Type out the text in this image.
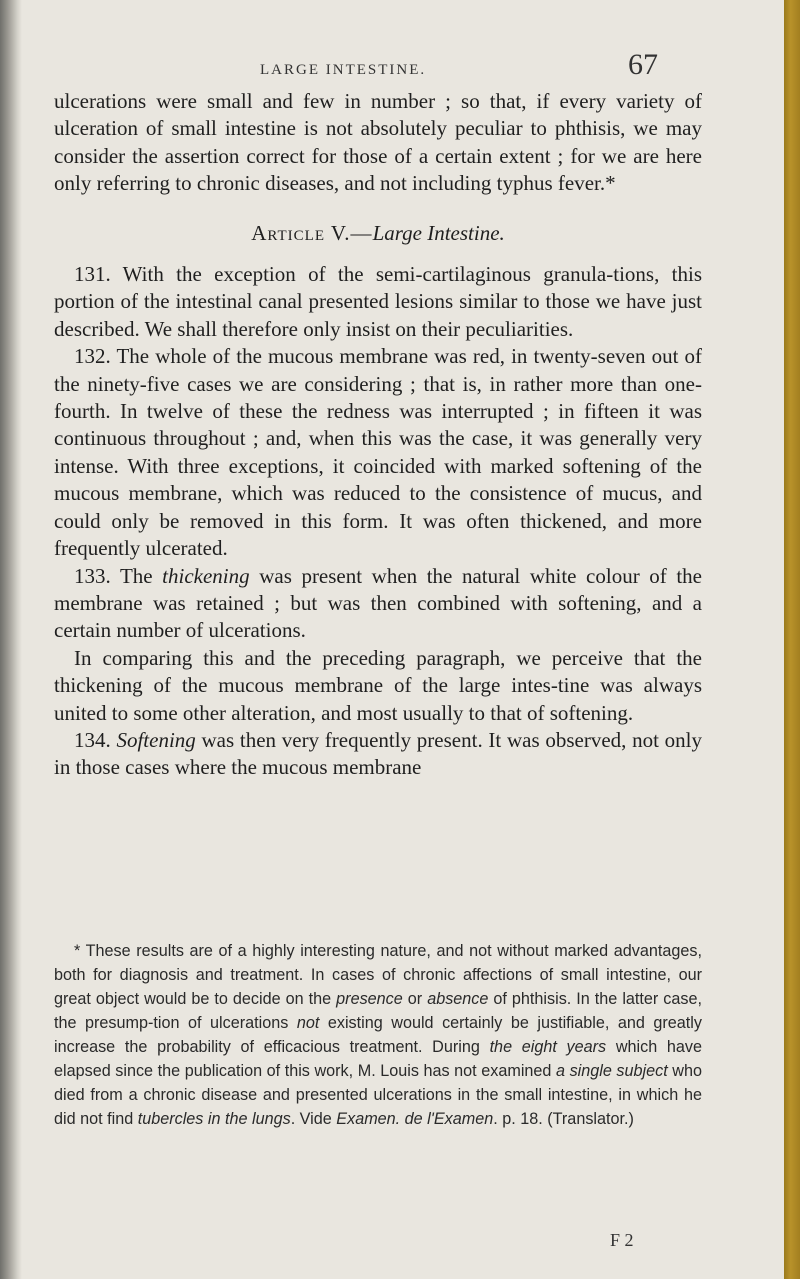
LARGE INTESTINE.	67

ulcerations were small and few in number ; so that, if every variety of ulceration of small intestine is not absolutely peculiar to phthisis, we may consider the assertion correct for those of a certain extent ; for we are here only referring to chronic diseases, and not including typhus fever.*

Article V.—Large Intestine.

131. With the exception of the semi-cartilaginous granula-tions, this portion of the intestinal canal presented lesions similar to those we have just described. We shall therefore only insist on their peculiarities.

132. The whole of the mucous membrane was red, in twenty-seven out of the ninety-five cases we are considering ; that is, in rather more than one-fourth. In twelve of these the redness was interrupted ; in fifteen it was continuous throughout ; and, when this was the case, it was generally very intense. With three exceptions, it coincided with marked softening of the mucous membrane, which was reduced to the consistence of mucus, and could only be removed in this form. It was often thickened, and more frequently ulcerated.

133. The thickening was present when the natural white colour of the membrane was retained ; but was then combined with softening, and a certain number of ulcerations.

In comparing this and the preceding paragraph, we perceive that the thickening of the mucous membrane of the large intes-tine was always united to some other alteration, and most usually to that of softening.

134. Softening was then very frequently present. It was observed, not only in those cases where the mucous membrane

* These results are of a highly interesting nature, and not without marked advantages, both for diagnosis and treatment. In cases of chronic affections of small intestine, our great object would be to decide on the presence or absence of phthisis. In the latter case, the presump-tion of ulcerations not existing would certainly be justifiable, and greatly increase the probability of efficacious treatment. During the eight years which have elapsed since the publication of this work, M. Louis has not examined a single subject who died from a chronic disease and presented ulcerations in the small intestine, in which he did not find tubercles in the lungs. Vide Examen. de l'Examen. p. 18. (Translator.)

F 2
